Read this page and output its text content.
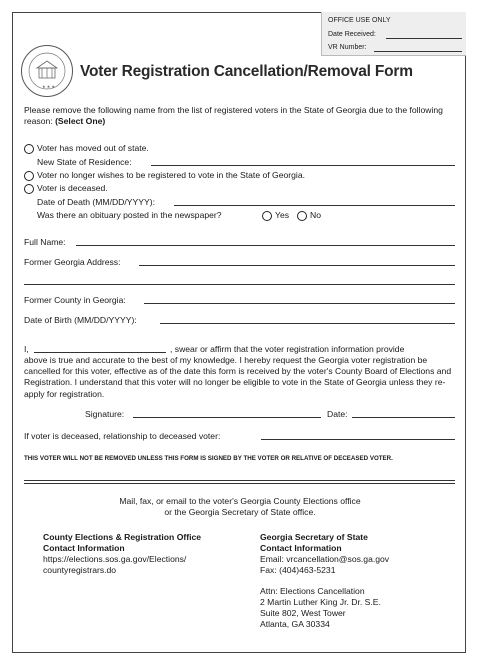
OFFICE USE ONLY
Date Received:
VR Number:
★ ★ ★
Voter Registration Cancellation/Removal Form
Please remove the following name from the list of registered voters in the State of Georgia due to the following reason: (Select One)
Voter has moved out of state.
New State of Residence:
Voter no longer wishes to be registered to vote in the State of Georgia.
Voter is deceased.
Date of Death (MM/DD/YYYY):
Was there an obituary posted in the newspaper?	Yes No
Full Name:
Former Georgia Address:
Former County in Georgia:
Date of Birth (MM/DD/YYYY):
I,	, swear or affirm that the voter registration information provide
above is true and accurate to the best of my knowledge. I hereby request the Georgia voter registration be cancelled for this voter, effective as of the date this form is received by the voter's County Board of Elections and Registration. I understand that this voter will no longer be eligible to vote in the State of Georgia unless they re-apply for registration.
Signature:	Date:
If voter is deceased, relationship to deceased voter:
THIS VOTER WILL NOT BE REMOVED UNLESS THIS FORM IS SIGNED BY THE VOTER OR RELATIVE OF DECEASED VOTER.
Mail, fax, or email to the voter's Georgia County Elections office
or the Georgia Secretary of State office.
County Elections & Registration Office
Contact Information
https://elections.sos.ga.gov/Elections/
countyregistrars.do
Georgia Secretary of State
Contact Information
Email: vrcancellation@sos.ga.gov
Fax: (404)463-5231
Attn: Elections Cancellation
2 Martin Luther King Jr. Dr. S.E.
Suite 802, West Tower
Atlanta, GA 30334
